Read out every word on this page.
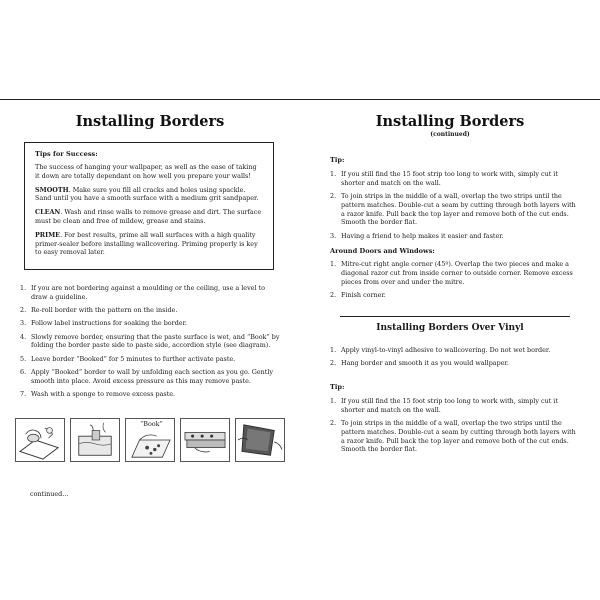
Installing Borders
Tips for Success:

The success of hanging your wallpaper, as well as the ease of taking it down are totally dependant on how well you prepare your walls!

SMOOTH. Make sure you fill all cracks and holes using spackle. Sand until you have a smooth surface with a medium grit sandpaper.

CLEAN. Wash and rinse walls to remove grease and dirt. The surface must be clean and free of mildew, grease and stains.

PRIME. For best results, prime all wall surfaces with a high quality primer-sealer before installing wallcovering. Priming properly is key to easy removal later.

1. If you are not bordering against a moulding or the ceiling, use a level to draw a guideline.
2. Re-roll border with the pattern on the inside.
3. Follow label instructions for soaking the border.
4. Slowly remove border, ensuring that the paste surface is wet, and “Book” by folding the border paste side to paste side, accordion style (see diagram).
5. Leave border “Booked” for 5 minutes to further activate paste.
6. Apply “Booked” border to wall by unfolding each section as you go. Gently smooth into place. Avoid excess pressure as this may remove paste.
7. Wash with a sponge to remove excess paste.
“Book”
continued...
Installing Borders
(continued)
Tip:
1. If you still find the 15 foot strip too long to work with, simply cut it shorter and match on the wall.
2. To join strips in the middle of a wall, overlap the two strips until the pattern matches. Double-cut a seam by cutting through both layers with a razor knife. Pull back the top layer and remove both of the cut ends. Smooth the border flat.
3. Having a friend to help makes it easier and faster.
Around Doors and Windows:
1. Mitre-cut right angle corner (45º). Overlap the two pieces and make a diagonal razor cut from inside corner to outside corner. Remove excess pieces from over and under the mitre.
2. Finish corner.
Installing Borders Over Vinyl
1. Apply vinyl-to-vinyl adhesive to wallcovering. Do not wet border.
2. Hang border and smooth it as you would wallpaper.
Tip:
1. If you still find the 15 foot strip too long to work with, simply cut it shorter and match on the wall.
2. To join strips in the middle of a wall, overlap the two strips until the pattern matches. Double-cut a seam by cutting through both layers with a razor knife. Pull back the top layer and remove both of the cut ends. Smooth the border flat.
